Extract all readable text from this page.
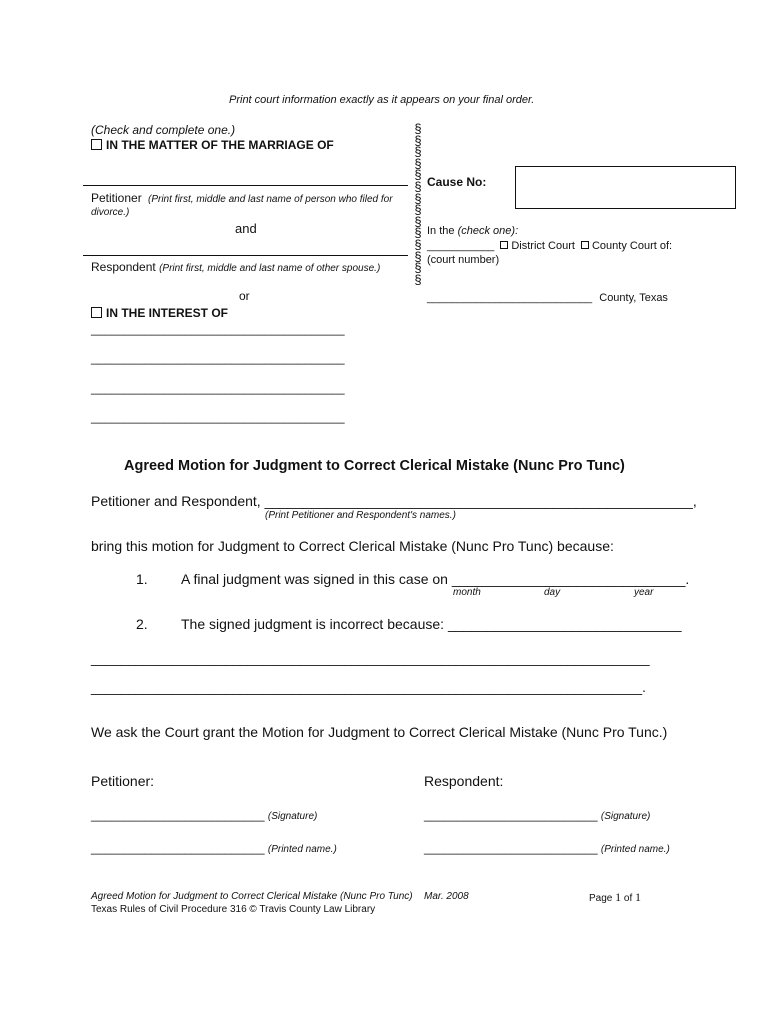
Print court information exactly as it appears on your final order.
(Check and complete one.)
IN THE MATTER OF THE MARRIAGE OF
Petitioner (Print first, middle and last name of person who filed for divorce.)
and
Respondent (Print first, middle and last name of other spouse.)
or
IN THE INTEREST OF
______________________________________
______________________________________
______________________________________
______________________________________
§
§
§
§
§
§
§
§
§
§
§
§
§
§
Cause No:
In the (check one):
___________ District Court County Court of:
(court number)
___________________________ County, Texas
Agreed Motion for Judgment to Correct Clerical Mistake (Nunc Pro Tunc)
Petitioner and Respondent, _______________________________________________________,
(Print Petitioner and Respondent's names.)
bring this motion for Judgment to Correct Clerical Mistake (Nunc Pro Tunc) because:
1. A final judgment was signed in this case on ______________________________.
month	day	year
2. The signed judgment is incorrect because: ______________________________
___________________________________________________________________________
__________________________________________________________________________.
We ask the Court grant the Motion for Judgment to Correct Clerical Mistake (Nunc Pro Tunc.)
Petitioner:	Respondent:
__________________________ (Signature)	__________________________ (Signature)
__________________________ (Printed name.)	__________________________ (Printed name.)
Agreed Motion for Judgment to Correct Clerical Mistake (Nunc Pro Tunc) Mar. 2008
Texas Rules of Civil Procedure 316 © Travis County Law Library
Page 1 of 1
